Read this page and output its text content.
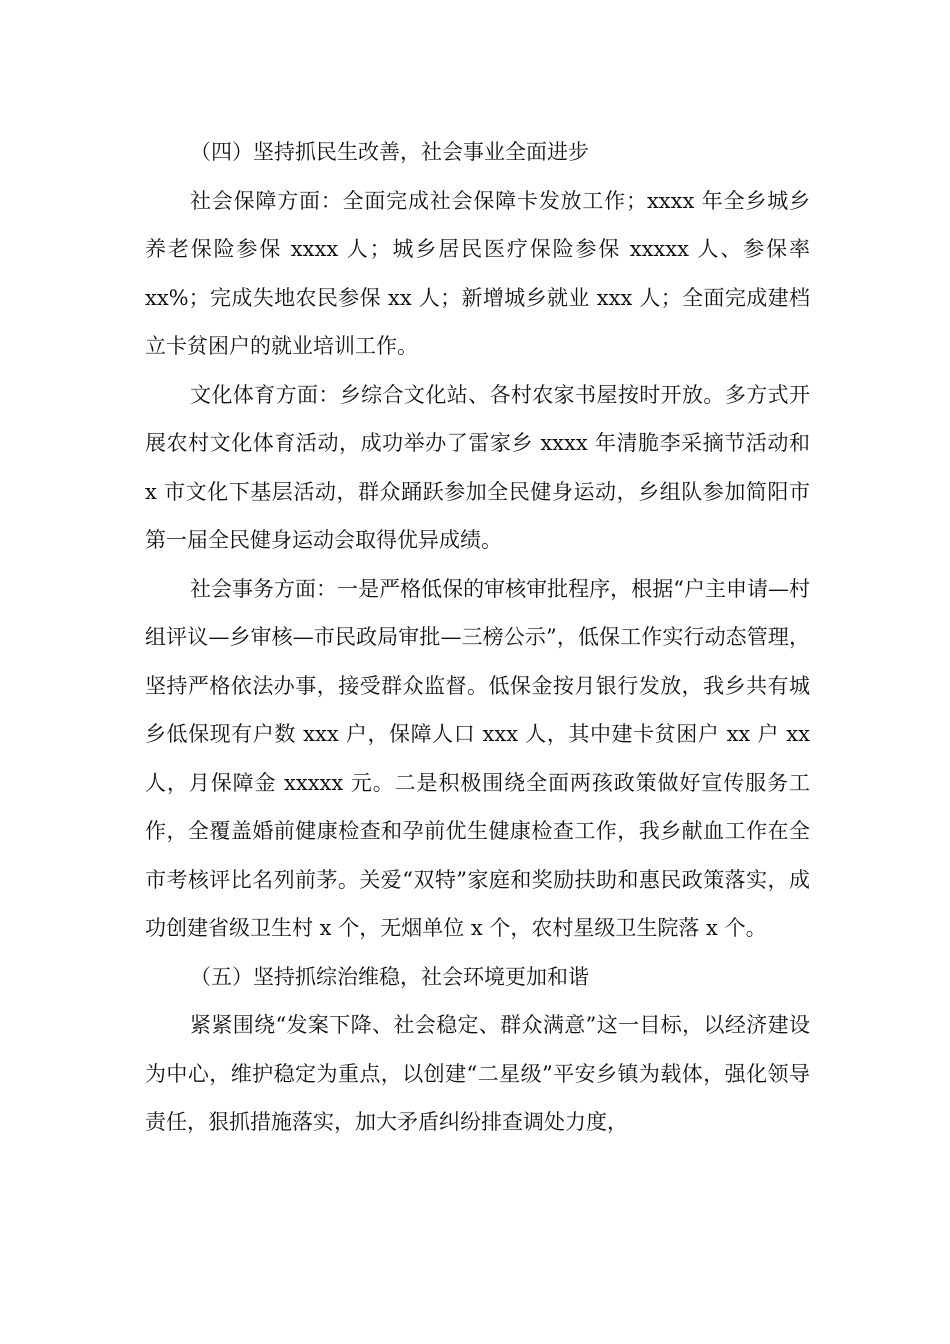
（四）坚持抓民生改善，社会事业全面进步

社会保障方面：全面完成社会保障卡发放工作；xxxx 年全乡城乡养老保险参保 xxxx 人；城乡居民医疗保险参保 xxxxx 人、参保率 xx%；完成失地农民参保 xx 人；新增城乡就业 xxx 人；全面完成建档立卡贫困户的就业培训工作。

文化体育方面：乡综合文化站、各村农家书屋按时开放。多方式开展农村文化体育活动，成功举办了雷家乡 xxxx 年清脆李采摘节活动和 x 市文化下基层活动，群众踊跃参加全民健身运动，乡组队参加简阳市第一届全民健身运动会取得优异成绩。

社会事务方面：一是严格低保的审核审批程序，根据“户主申请—村组评议—乡审核—市民政局审批—三榜公示”，低保工作实行动态管理，坚持严格依法办事，接受群众监督。低保金按月银行发放，我乡共有城乡低保现有户数 xxx 户，保障人口 xxx 人，其中建卡贫困户 xx 户 xx 人，月保障金 xxxxx 元。二是积极围绕全面两孩政策做好宣传服务工作，全覆盖婚前健康检查和孕前优生健康检查工作，我乡献血工作在全市考核评比名列前茅。关爱“双特”家庭和奖励扶助和惠民政策落实，成功创建省级卫生村 x 个，无烟单位 x 个，农村星级卫生院落 x 个。

（五）坚持抓综治维稳，社会环境更加和谐

紧紧围绕“发案下降、社会稳定、群众满意”这一目标，以经济建设为中心，维护稳定为重点，以创建“二星级”平安乡镇为载体，强化领导责任，狠抓措施落实，加大矛盾纠纷排查调处力度，
